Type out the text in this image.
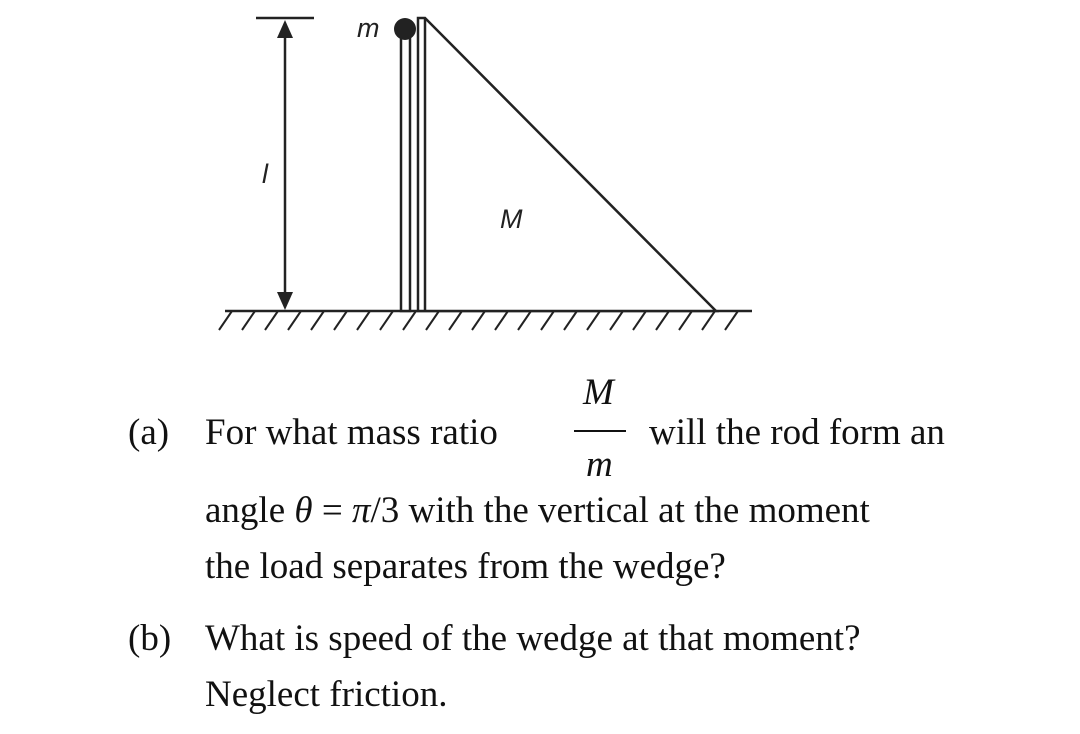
l
m
M
(a) For what mass ratio
M
m
will the rod form an
angle θ = π/3 with the vertical at the moment
the load separates from the wedge?
(b) What is speed of the wedge at that moment?
Neglect friction.
